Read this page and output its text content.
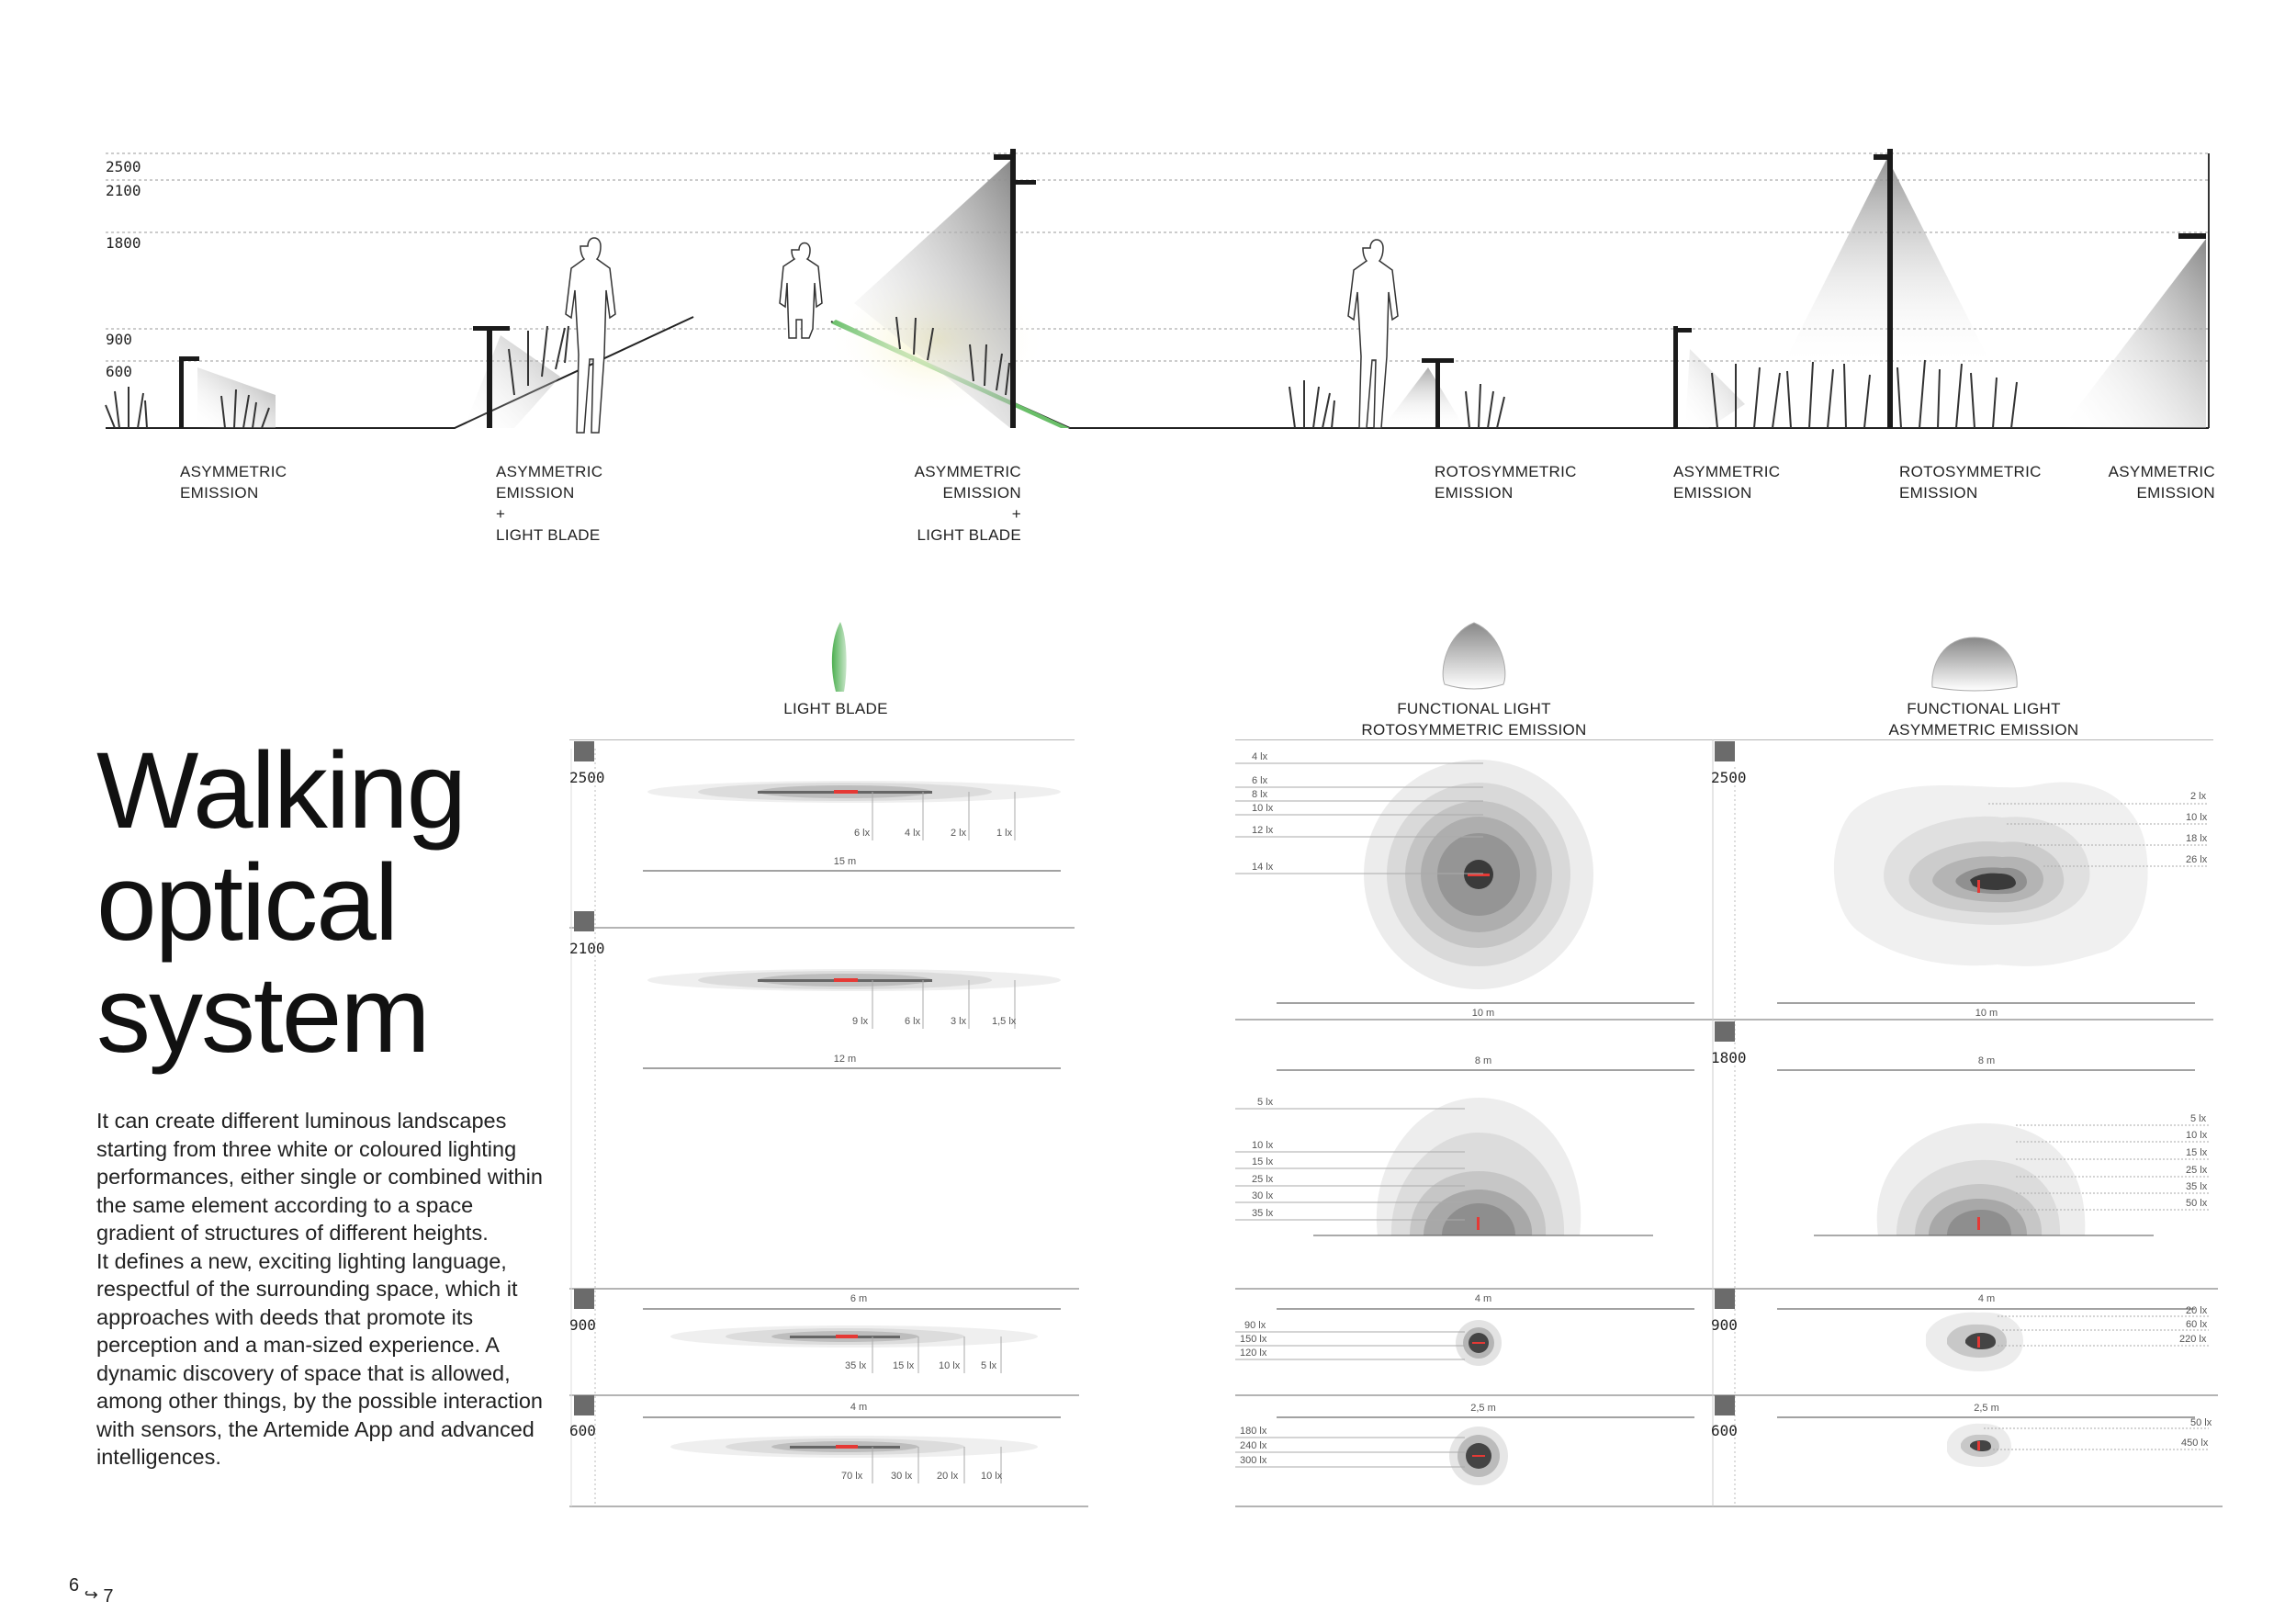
2500
2100
1800
900
600
ASYMMETRIC
EMISSION
ASYMMETRIC
EMISSION
+
LIGHT BLADE
ASYMMETRIC
EMISSION
+
LIGHT BLADE
ROTOSYMMETRIC
EMISSION
ASYMMETRIC
EMISSION
ROTOSYMMETRIC
EMISSION
ASYMMETRIC
EMISSION
Walking
optical
system

It can create different luminous landscapes starting from three white or coloured lighting performances, either single or combined within the same element according to a space gradient of structures of different heights.

It defines a new, exciting lighting language, respectful of the surrounding space, which it approaches with deeds that promote its perception and a man-sized experience. A dynamic discovery of space that is allowed, among other things, by the possible interaction with sensors, the Artemide App and advanced intelligences.

LIGHT BLADE	FUNCTIONAL LIGHT
ROTOSYMMETRIC EMISSION
FUNCTIONAL LIGHT
ASYMMETRIC EMISSION
2500
2100
900
600
6 lx	4 lx	2 lx	1 lx
15 m
9 lx	6 lx	3 lx	1,5 lx
12 m
6 m
35 lx	15 lx 10 lx 5 lx
4 m
70 lx	30 lx 20 lx 10 lx
4 lx
6 lx
8 lx
10 lx
12 lx
14 lx
10 m
8 m
5 lx
10 lx
15 lx
25 lx
30 lx
35 lx
4 m
90 lx
150 lx
120 lx
2,5 m
180 lx
240 lx
300 lx
2500
1800
900
600
2 lx
10 lx
18 lx
26 lx
10 m
8 m
5 lx
10 lx
15 lx
25 lx
35 lx
50 lx
4 m
20 lx
60 lx
220 lx
2,5 m
50 lx
450 lx
6 ↪ 7
